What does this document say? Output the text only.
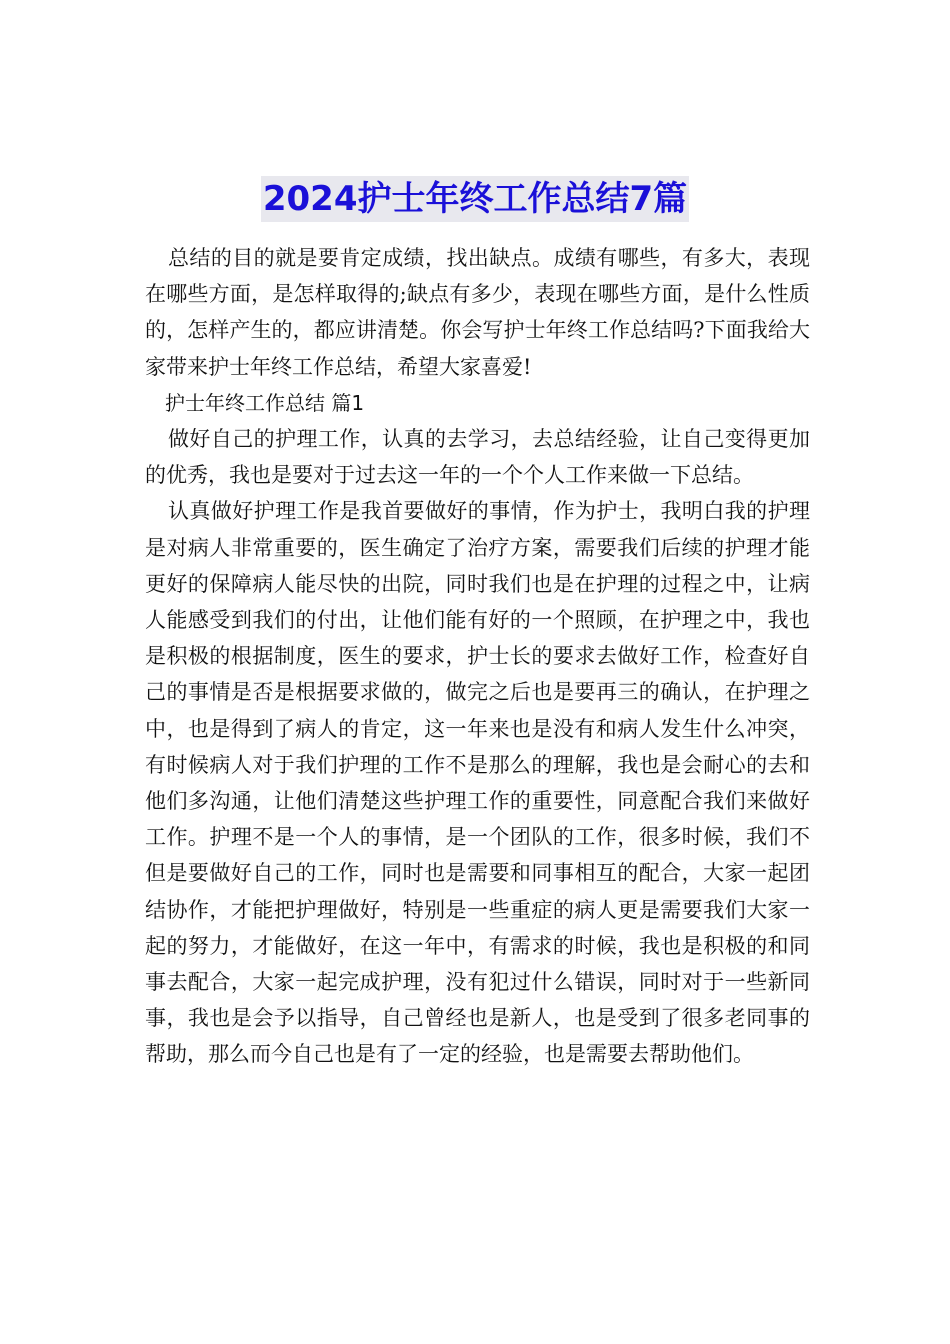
2024护士年终工作总结7篇

总结的目的就是要肯定成绩，找出缺点。成绩有哪些，有多大，表现在哪些方面，是怎样取得的;缺点有多少，表现在哪些方面，是什么性质的，怎样产生的，都应讲清楚。你会写护士年终工作总结吗?下面我给大家带来护士年终工作总结，希望大家喜爱!

护士年终工作总结 篇1

做好自己的护理工作，认真的去学习，去总结经验，让自己变得更加的优秀，我也是要对于过去这一年的一个个人工作来做一下总结。

认真做好护理工作是我首要做好的事情，作为护士，我明白我的护理是对病人非常重要的，医生确定了治疗方案，需要我们后续的护理才能更好的保障病人能尽快的出院，同时我们也是在护理的过程之中，让病人能感受到我们的付出，让他们能有好的一个照顾，在护理之中，我也是积极的根据制度，医生的要求，护士长的要求去做好工作，检查好自己的事情是否是根据要求做的，做完之后也是要再三的确认，在护理之中，也是得到了病人的肯定，这一年来也是没有和病人发生什么冲突，有时候病人对于我们护理的工作不是那么的理解，我也是会耐心的去和他们多沟通，让他们清楚这些护理工作的重要性，同意配合我们来做好工作。护理不是一个人的事情，是一个团队的工作，很多时候，我们不但是要做好自己的工作，同时也是需要和同事相互的配合，大家一起团结协作，才能把护理做好，特别是一些重症的病人更是需要我们大家一起的努力，才能做好，在这一年中，有需求的时候，我也是积极的和同事去配合，大家一起完成护理，没有犯过什么错误，同时对于一些新同事，我也是会予以指导，自己曾经也是新人，也是受到了很多老同事的帮助，那么而今自己也是有了一定的经验，也是需要去帮助他们。
